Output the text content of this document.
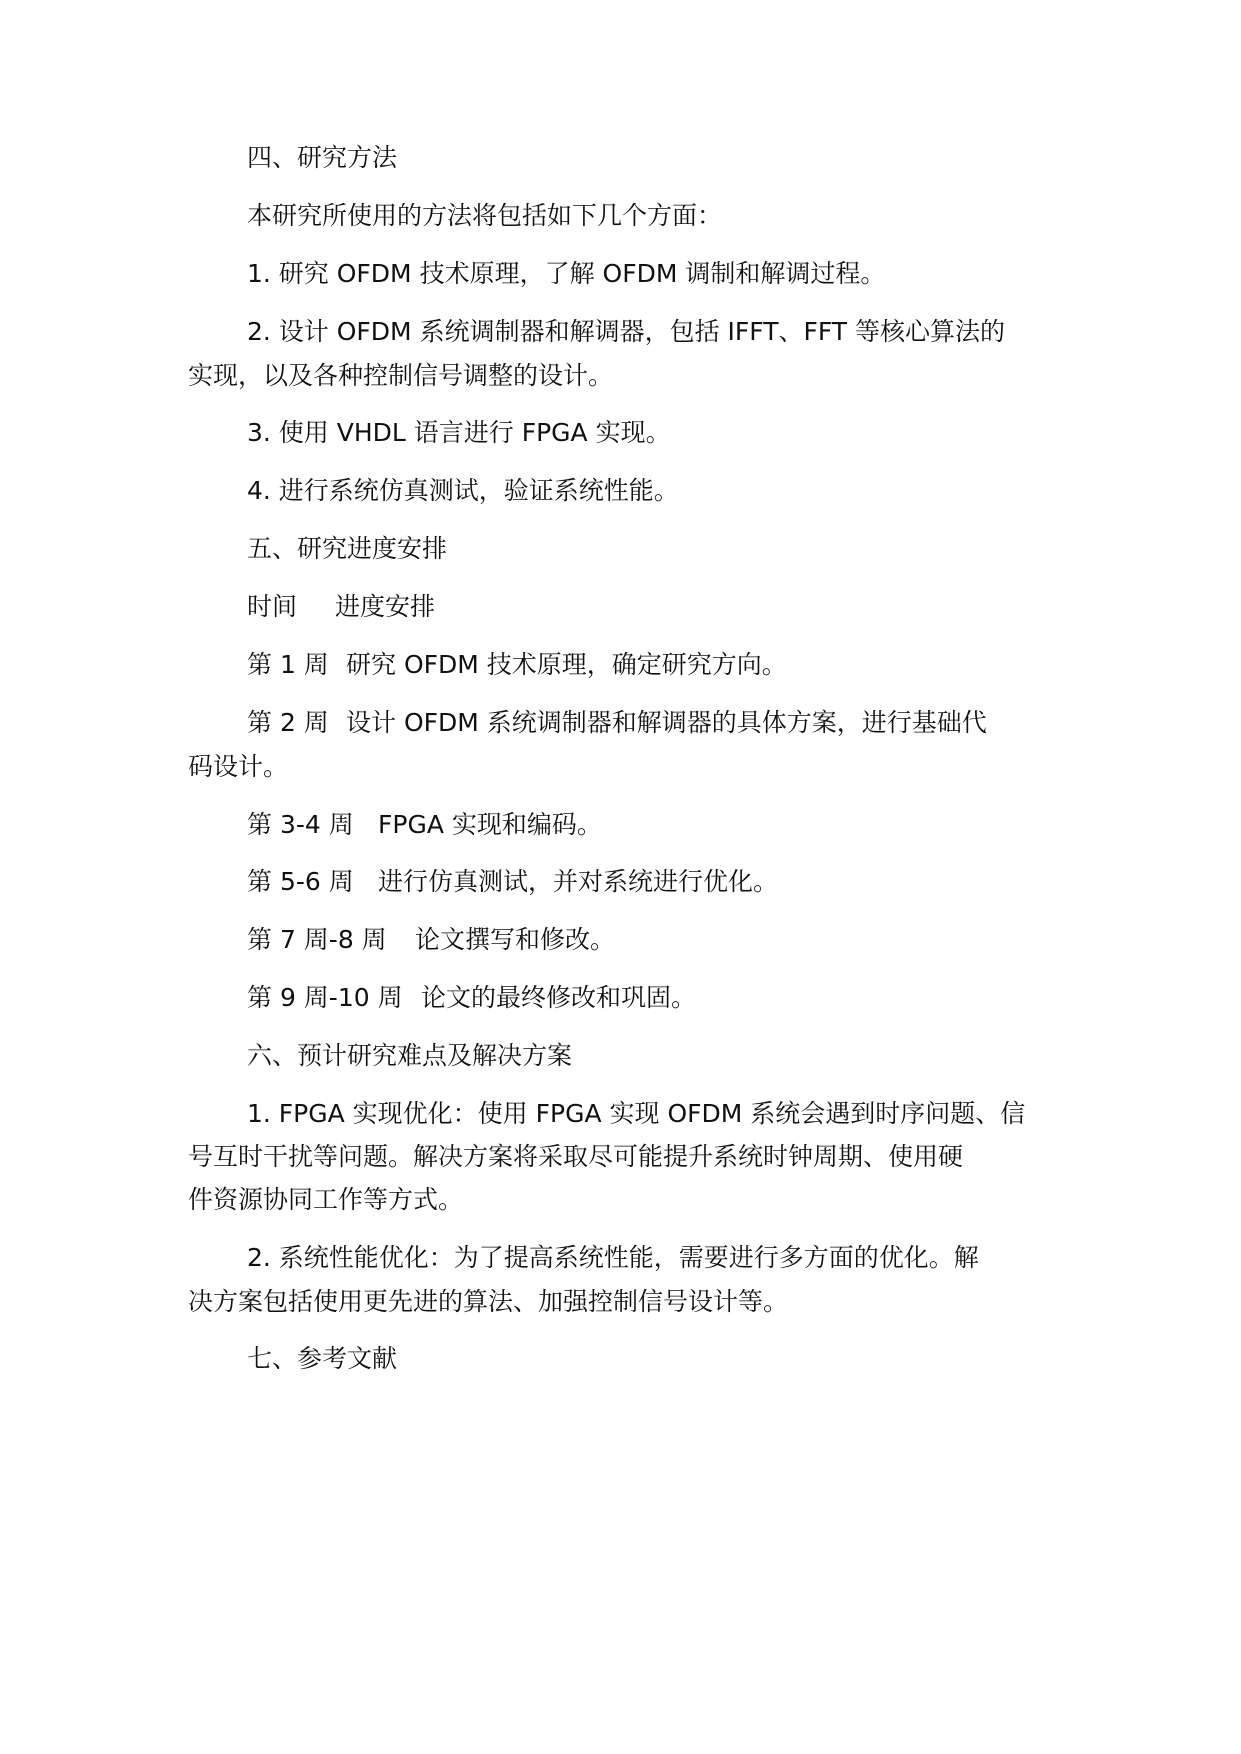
四、研究方法
本研究所使用的方法将包括如下几个方面：
1. 研究 OFDM 技术原理，了解 OFDM 调制和解调过程。
2. 设计 OFDM 系统调制器和解调器，包括 IFFT、FFT 等核心算法的
实现，以及各种控制信号调整的设计。
3. 使用 VHDL 语言进行 FPGA 实现。
4. 进行系统仿真测试，验证系统性能。
五、研究进度安排
时间 进度安排
第 1 周 研究 OFDM 技术原理，确定研究方向。
第 2 周 设计 OFDM 系统调制器和解调器的具体方案，进行基础代
码设计。
第 3-4 周 FPGA 实现和编码。
第 5-6 周 进行仿真测试，并对系统进行优化。
第 7 周-8 周 论文撰写和修改。
第 9 周-10 周 论文的最终修改和巩固。
六、预计研究难点及解决方案
1. FPGA 实现优化：使用 FPGA 实现 OFDM 系统会遇到时序问题、信
号互时干扰等问题。解决方案将采取尽可能提升系统时钟周期、使用硬
件资源协同工作等方式。
2. 系统性能优化：为了提高系统性能，需要进行多方面的优化。解
决方案包括使用更先进的算法、加强控制信号设计等。
七、参考文献
